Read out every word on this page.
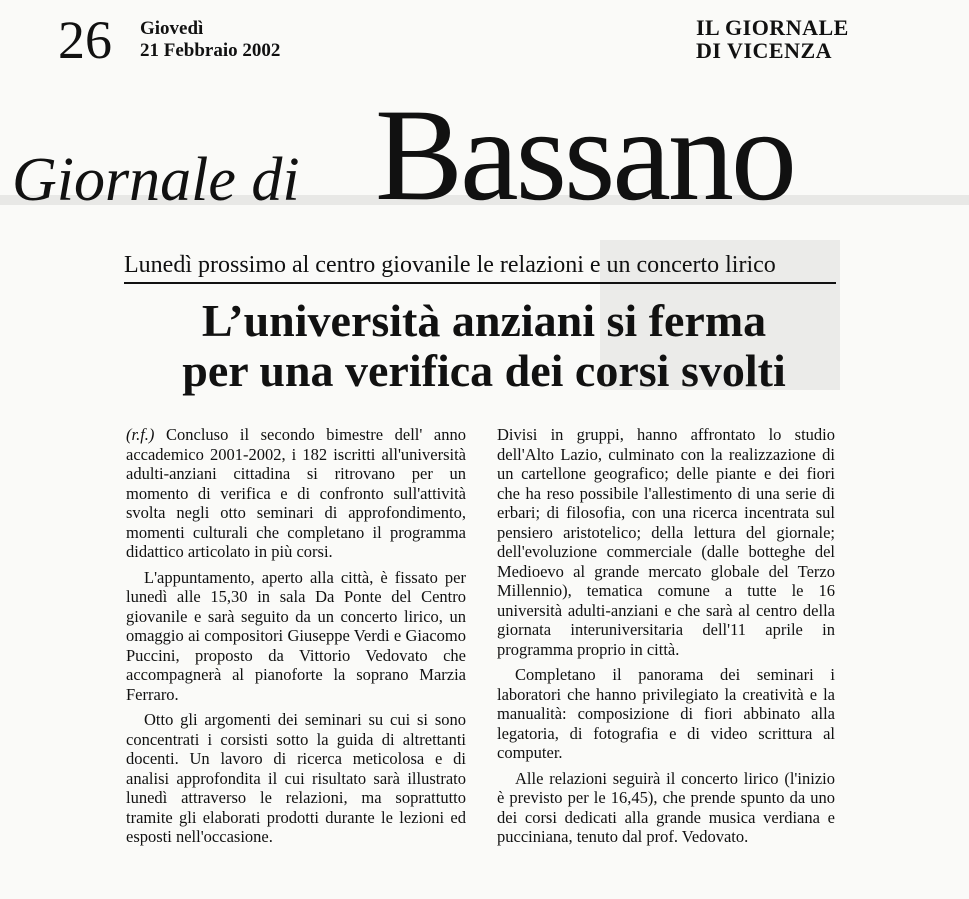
26 Giovedì
21 Febbraio 2002
IL GIORNALE
DI VICENZA
Giornale di Bassano
Lunedì prossimo al centro giovanile le relazioni e un concerto lirico
L’università anziani si ferma
per una verifica dei corsi svolti

(r.f.) Concluso il secondo bimestre dell' anno accademico 2001-2002, i 182 iscritti all'università adulti-anziani cittadina si ritrovano per un momento di verifica e di confronto sull'attività svolta negli otto seminari di approfondimento, momenti culturali che completano il programma didattico articolato in più corsi.

L'appuntamento, aperto alla città, è fissato per lunedì alle 15,30 in sala Da Ponte del Centro giovanile e sarà seguito da un concerto lirico, un omaggio ai compositori Giuseppe Verdi e Giacomo Puccini, proposto da Vittorio Vedovato che accompagnerà al pianoforte la soprano Marzia Ferraro.

Otto gli argomenti dei seminari su cui si sono concentrati i corsisti sotto la guida di altrettanti docenti. Un lavoro di ricerca meticolosa e di analisi approfondita il cui risultato sarà illustrato lunedì attraverso le relazioni, ma soprattutto tramite gli elaborati prodotti durante le lezioni ed esposti nell'occasione.

Divisi in gruppi, hanno affrontato lo studio dell'Alto Lazio, culminato con la realizzazione di un cartellone geografico; delle piante e dei fiori che ha reso possibile l'allestimento di una serie di erbari; di filosofia, con una ricerca incentrata sul pensiero aristotelico; della lettura del giornale; dell'evoluzione commerciale (dalle botteghe del Medioevo al grande mercato globale del Terzo Millennio), tematica comune a tutte le 16 università adulti-anziani e che sarà al centro della giornata interuniversitaria dell'11 aprile in programma proprio in città.

Completano il panorama dei seminari i laboratori che hanno privilegiato la creatività e la manualità: composizione di fiori abbinato alla legatoria, di fotografia e di video scrittura al computer.

Alle relazioni seguirà il concerto lirico (l'inizio è previsto per le 16,45), che prende spunto da uno dei corsi dedicati alla grande musica verdiana e pucciniana, tenuto dal prof. Vedovato.
